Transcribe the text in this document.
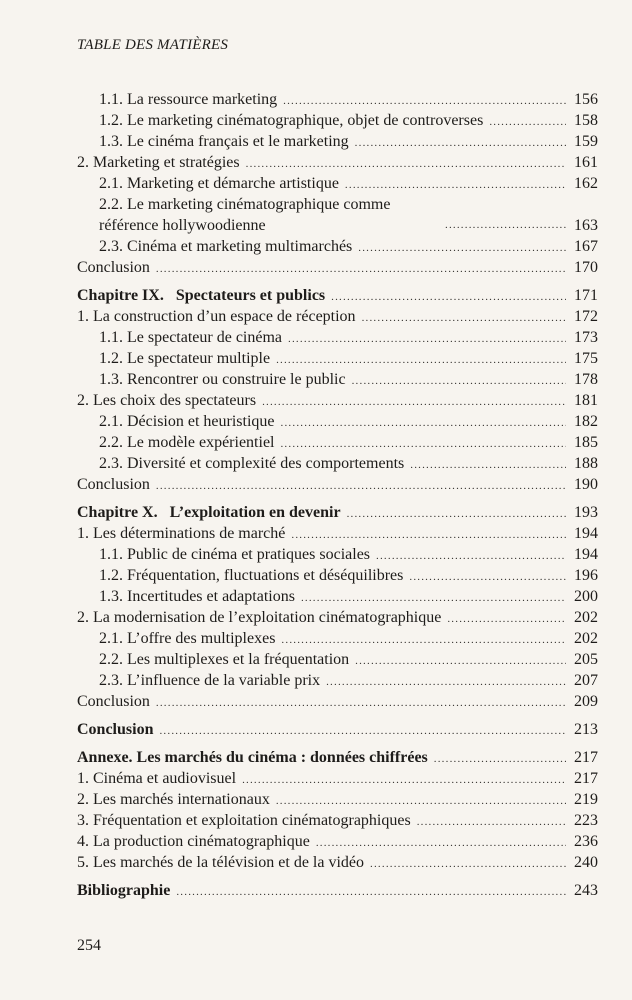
TABLE DES MATIÈRES
1.1. La ressource marketing .....	156
1.2. Le marketing cinématographique, objet de controverses .....	158
1.3. Le cinéma français et le marketing .....	159
2. Marketing et stratégies .....	161
2.1. Marketing et démarche artistique .....	162
2.2. Le marketing cinématographique comme référence hollywoodienne .....	163
2.3. Cinéma et marketing multimarchés .....	167
Conclusion .....	170
Chapitre IX.   Spectateurs et publics .....	171
1. La construction d’un espace de réception .....	172
1.1. Le spectateur de cinéma .....	173
1.2. Le spectateur multiple .....	175
1.3. Rencontrer ou construire le public .....	178
2. Les choix des spectateurs .....	181
2.1. Décision et heuristique .....	182
2.2. Le modèle expérientiel .....	185
2.3. Diversité et complexité des comportements .....	188
Conclusion .....	190
Chapitre X.   L’exploitation en devenir .....	193
1. Les déterminations de marché .....	194
1.1. Public de cinéma et pratiques sociales .....	194
1.2. Fréquentation, fluctuations et déséquilibres .....	196
1.3. Incertitudes et adaptations .....	200
2. La modernisation de l’exploitation cinématographique .....	202
2.1. L’offre des multiplexes .....	202
2.2. Les multiplexes et la fréquentation .....	205
2.3. L’influence de la variable prix .....	207
Conclusion .....	209
Conclusion .....	213
Annexe. Les marchés du cinéma : données chiffrées .....	217
1. Cinéma et audiovisuel .....	217
2. Les marchés internationaux .....	219
3. Fréquentation et exploitation cinématographiques .....	223
4. La production cinématographique .....	236
5. Les marchés de la télévision et de la vidéo .....	240
Bibliographie .....	243
254
